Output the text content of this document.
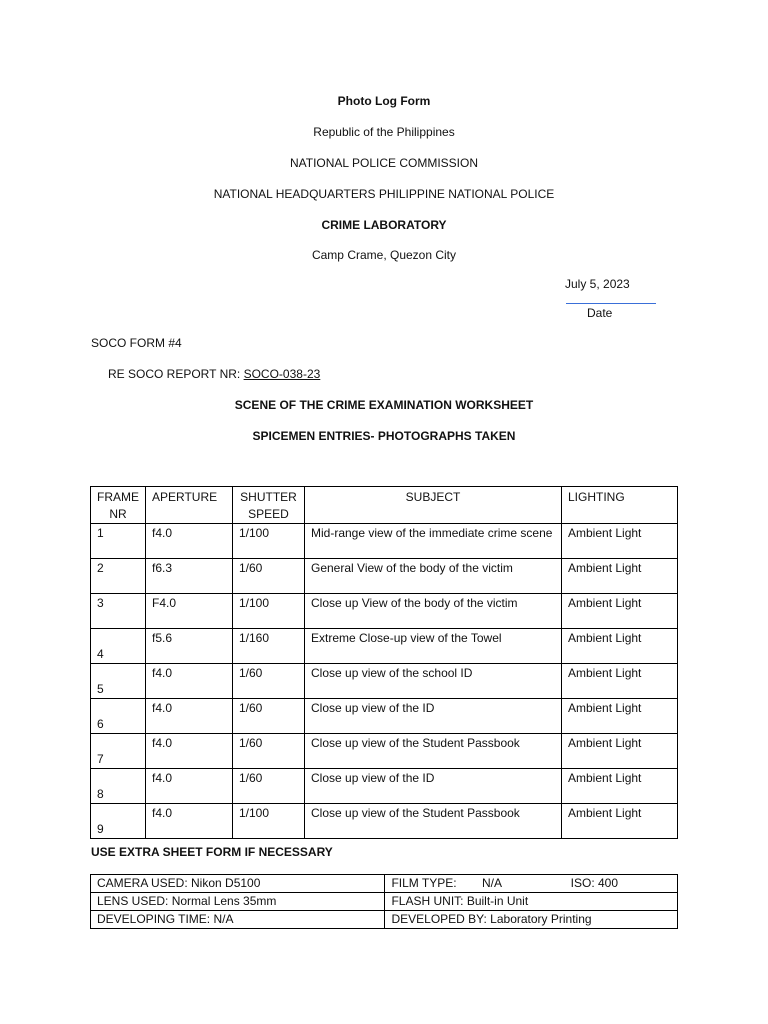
Photo Log Form
Republic of the Philippines
NATIONAL POLICE COMMISSION
NATIONAL HEADQUARTERS PHILIPPINE NATIONAL POLICE
CRIME LABORATORY
Camp Crame, Quezon City
July 5, 2023
Date
SOCO FORM #4
RE SOCO REPORT NR: SOCO-038-23
SCENE OF THE CRIME EXAMINATION WORKSHEET
SPICEMEN ENTRIES- PHOTOGRAPHS TAKEN
FRAME NR	APERTURE	SHUTTER SPEED	SUBJECT	LIGHTING
1	f4.0	1/100	Mid-range view of the immediate crime scene	Ambient Light
2	f6.3	1/60	General View of the body of the victim	Ambient Light
3	F4.0	1/100	Close up View of the body of the victim	Ambient Light
4	f5.6	1/160	Extreme Close-up view of the Towel	Ambient Light
5	f4.0	1/60	Close up view of the school ID	Ambient Light
6	f4.0	1/60	Close up view of the ID	Ambient Light
7	f4.0	1/60	Close up view of the Student Passbook	Ambient Light
8	f4.0	1/60	Close up view of the ID	Ambient Light
9	f4.0	1/100	Close up view of the Student Passbook	Ambient Light
USE EXTRA SHEET FORM IF NECESSARY
CAMERA USED: Nikon D5100	FILM TYPE: N/A ISO: 400
LENS USED: Normal Lens 35mm	FLASH UNIT: Built-in Unit
DEVELOPING TIME: N/A	DEVELOPED BY: Laboratory Printing
